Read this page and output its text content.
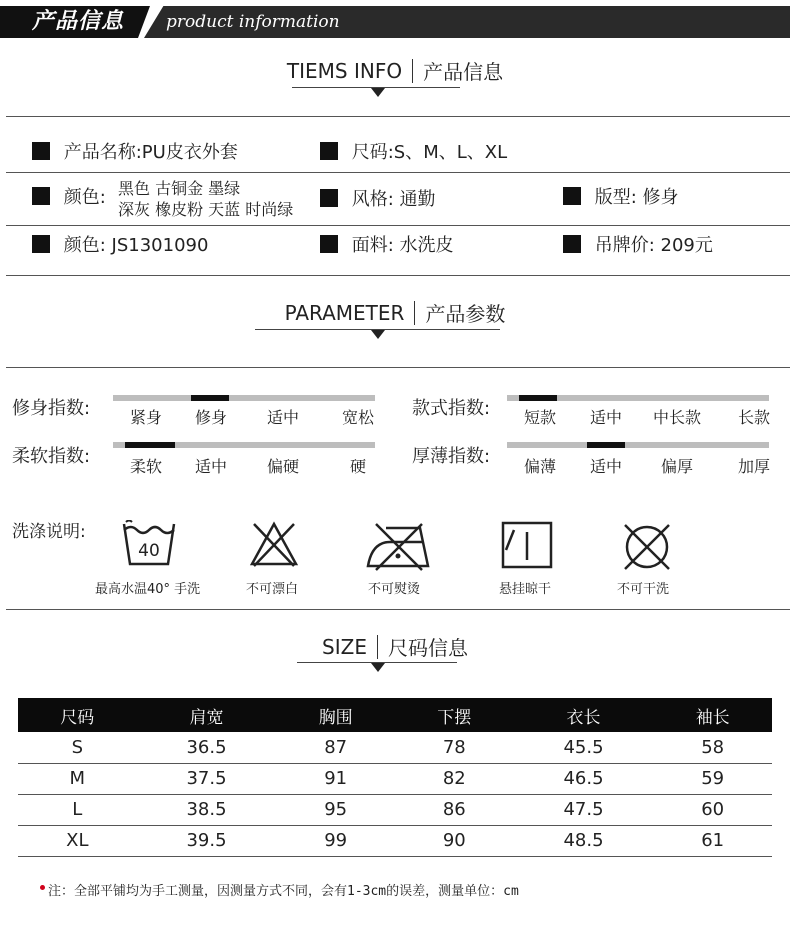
产品信息 product information
TIEMS INFO 产品信息
产品名称:PU皮衣外套	尺码:S、M、L、XL
颜色: 黑色 古铜金 墨绿
深灰 橡皮粉 天蓝 时尚绿	风格: 通勤	版型: 修身
颜色: JS1301090	面料: 水洗皮	吊牌价: 209元
PARAMETER 产品参数
修身指数: 紧身 修身 适中	宽松 款式指数: 短款 适中 中长款 长款
柔软指数: 柔软 适中 偏硬	硬	厚薄指数: 偏薄 适中 偏厚	加厚
洗涤说明:
40
最高水温40° 手洗	不可漂白	不可熨烫	悬挂晾干	不可干洗
SIZE 尺码信息
尺码	肩宽	胸围	下摆	衣长	袖长
S	36.5	87	78	45.5	58
M	37.5	91	82	46.5	59
L	38.5	95	86	47.5	60
XL	39.5	99	90	48.5	61
注：全部平铺均为手工测量，因测量方式不同，会有1-3cm的误差，测量单位：cm
